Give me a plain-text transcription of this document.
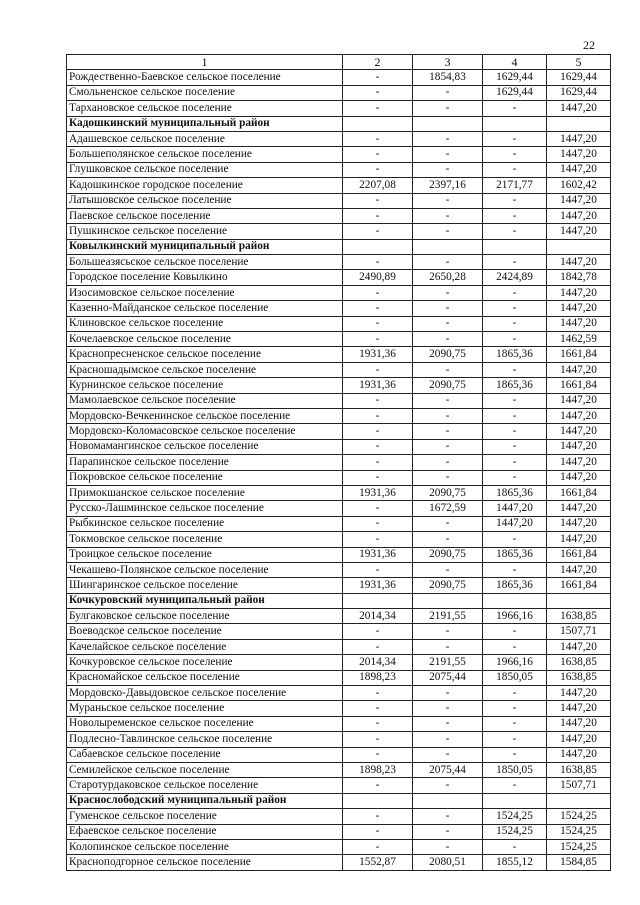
22
1	2	3	4	5
Рождественно-Баевское сельское поселение	-	1854,83	1629,44	1629,44
Смольненское сельское поселение	-	-	1629,44	1629,44
Тархановское сельское поселение	-	-	-	1447,20
Кадошкинский муниципальный район				
Адашевское сельское поселение	-	-	-	1447,20
Большеполянское сельское поселение	-	-	-	1447,20
Глушковское сельское поселение	-	-	-	1447,20
Кадошкинское городское поселение	2207,08	2397,16	2171,77	1602,42
Латышовское сельское поселение	-	-	-	1447,20
Паевское сельское поселение	-	-	-	1447,20
Пушкинское сельское поселение	-	-	-	1447,20
Ковылкинский муниципальный район				
Большеазясьское сельское поселение	-	-	-	1447,20
Городское поселение Ковылкино	2490,89	2650,28	2424,89	1842,78
Изосимовское сельское поселение	-	-	-	1447,20
Казенно-Майданское сельское поселение	-	-	-	1447,20
Клиновское сельское поселение	-	-	-	1447,20
Кочелаевское сельское поселение	-	-	-	1462,59
Краснопресненское сельское поселение	1931,36	2090,75	1865,36	1661,84
Красношадымское сельское поселение	-	-	-	1447,20
Курнинское сельское поселение	1931,36	2090,75	1865,36	1661,84
Мамолаевское сельское поселение	-	-	-	1447,20
Мордовско-Вечкенинское сельское поселение	-	-	-	1447,20
Мордовско-Коломасовское сельское поселение	-	-	-	1447,20
Новомамангинское сельское поселение	-	-	-	1447,20
Парапинское сельское поселение	-	-	-	1447,20
Покровское сельское поселение	-	-	-	1447,20
Примокшанское сельское поселение	1931,36	2090,75	1865,36	1661,84
Русско-Лашминское сельское поселение	-	1672,59	1447,20	1447,20
Рыбкинское сельское поселение	-	-	1447,20	1447,20
Токмовское сельское поселение	-	-	-	1447,20
Троицкое сельское поселение	1931,36	2090,75	1865,36	1661,84
Чекашево-Полянское сельское поселение	-	-	-	1447,20
Шингаринское сельское поселение	1931,36	2090,75	1865,36	1661,84
Кочкуровский муниципальный район				
Булгаковское сельское поселение	2014,34	2191,55	1966,16	1638,85
Воеводское сельское поселение	-	-	-	1507,71
Качелайское сельское поселение	-	-	-	1447,20
Кочкуровское сельское поселение	2014,34	2191,55	1966,16	1638,85
Красномайское сельское поселение	1898,23	2075,44	1850,05	1638,85
Мордовско-Давыдовское сельское поселение	-	-	-	1447,20
Мураньское сельское поселение	-	-	-	1447,20
Новолыременское сельское поселение	-	-	-	1447,20
Подлесно-Тавлинское сельское поселение	-	-	-	1447,20
Сабаевское сельское поселение	-	-	-	1447,20
Семилейское сельское поселение	1898,23	2075,44	1850,05	1638,85
Старотурдаковское сельское поселение	-	-	-	1507,71
Краснослободский муниципальный район				
Гуменское сельское поселение	-	-	1524,25	1524,25
Ефаевское сельское поселение	-	-	1524,25	1524,25
Колопинское сельское поселение	-	-	-	1524,25
Красноподгорное сельское поселение	1552,87	2080,51	1855,12	1584,85
